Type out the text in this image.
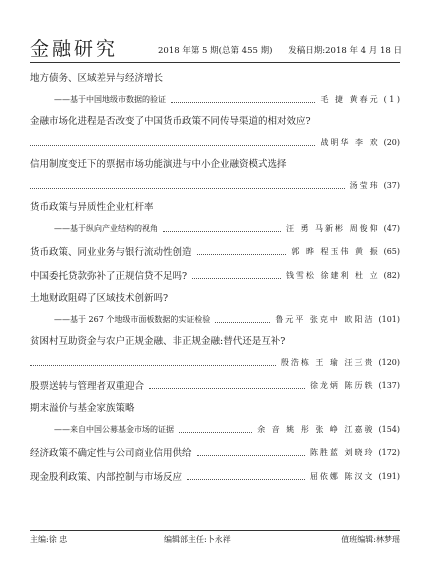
金融研究	2018 年第 5 期(总第 455 期) 发稿日期:2018 年 4 月 18 日
地方债务、区域差异与经济增长
——基于中国地级市数据的验证	毛 捷 黄春元 ( 1 )
金融市场化进程是否改变了中国货币政策不同传导渠道的相对效应?
战明华 李 欢 (20)
信用制度变迁下的票据市场功能演进与中小企业融资模式选择
汤莹玮 (37)
货币政策与异质性企业杠杆率
——基于纵向产业结构的视角	汪 勇 马新彬 周俊仰 (47)
货币政策、同业业务与银行流动性创造	郭 晔 程玉伟 黄 振 (65)
中国委托贷款弥补了正规信贷不足吗?	钱雪松 徐建利 杜 立 (82)
土地财政阻碍了区域技术创新吗?
——基于 267 个地级市面板数据的实证检验	鲁元平 张克中 欧阳洁 (101)
贫困村互助资金与农户正规金融、非正规金融:替代还是互补?
殷浩栋 王 瑜 汪三贵 (120)
股票送转与管理者双重迎合	徐龙炳 陈历轶 (137)
期末溢价与基金家族策略
——来自中国公募基金市场的证据	余 音 姚 彤 张 峥 江嘉骏 (154)
经济政策不确定性与公司商业信用供给	陈胜蓝 刘晓玲 (172)
现金股利政策、内部控制与市场反应	屈依娜 陈汉文 (191)
主编:徐 忠	编辑部主任:卜永祥	值班编辑:林梦瑶
